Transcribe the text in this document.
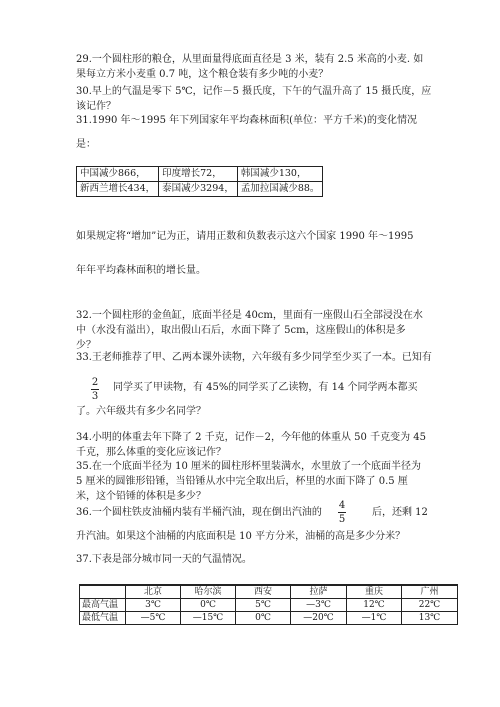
29.一个圆柱形的粮仓，从里面量得底面直径是 3 米，装有 2.5 米高的小麦. 如
果每立方米小麦重 0.7 吨，这个粮仓装有多少吨的小麦？
30.早上的气温是零下 5℃，记作－5 摄氏度，下午的气温升高了 15 摄氏度，应
该记作？
31.1990 年～1995 年下列国家年平均森林面积(单位：平方千米)的变化情况
是：
中国减少866，	印度增长72，	韩国减少130，
新西兰增长434，	泰国减少3294，	孟加拉国减少88。
如果规定将“增加”记为正，请用正数和负数表示这六个国家 1990 年～1995
年年平均森林面积的增长量。
32.一个圆柱形的金鱼缸，底面半径是 40cm，里面有一座假山石全部浸没在水
中（水没有溢出），取出假山石后，水面下降了 5cm，这座假山的体积是多
少？
33.王老师推荐了甲、乙两本课外读物，六年级有多少同学至少买了一本。已知有
2
3
同学买了甲读物，有 45%的同学买了乙读物，有 14 个同学两本都买
了。六年级共有多少名同学？
34.小明的体重去年下降了 2 千克，记作－2，今年他的体重从 50 千克变为 45
千克，那么体重的变化应该记作？
35.在一个底面半径为 10 厘米的圆柱形杯里装满水，水里放了一个底面半径为
5 厘米的圆锥形铅锤，当铅锤从水中完全取出后，杯里的水面下降了 0.5 厘
米，这个铅锤的体积是多少？
36.一个圆柱铁皮油桶内装有半桶汽油，现在倒出汽油的
4
5
后，还剩 12
升汽油。如果这个油桶的内底面积是 10 平方分米，油桶的高是多少分米？
37.下表是部分城市同一天的气温情况。
	北京	哈尔滨	西安	拉萨	重庆	广州
最高气温	3℃	0℃	5℃	—3℃	12℃	22℃
最低气温	—5℃	—15℃	0℃	—20℃	—1℃	13℃
